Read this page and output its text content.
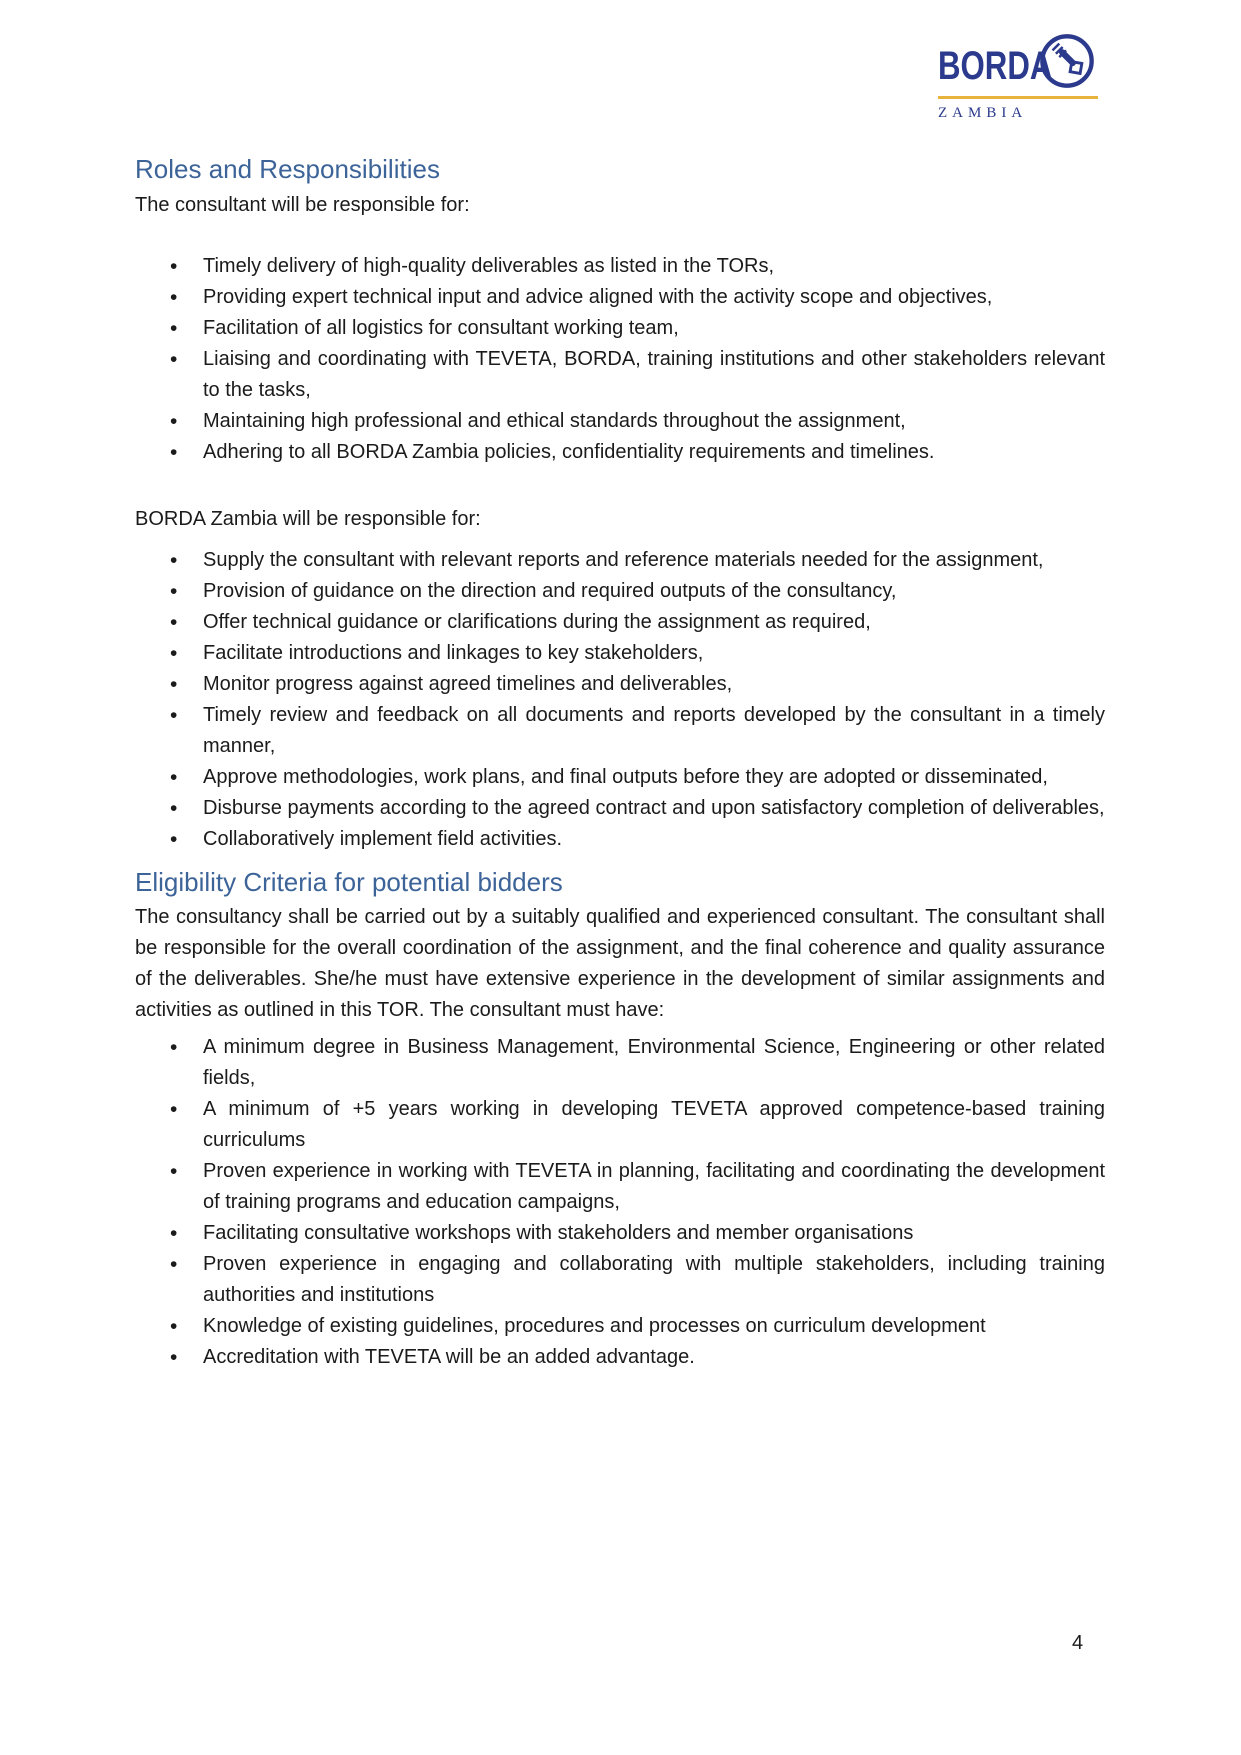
BORDA
ZAMBIA
Roles and Responsibilities

The consultant will be responsible for:

• Timely delivery of high-quality deliverables as listed in the TORs,
• Providing expert technical input and advice aligned with the activity scope and objectives,
• Facilitation of all logistics for consultant working team,
• Liaising and coordinating with TEVETA, BORDA, training institutions and other stakeholders relevant to the tasks,
• Maintaining high professional and ethical standards throughout the assignment,
• Adhering to all BORDA Zambia policies, confidentiality requirements and timelines.

BORDA Zambia will be responsible for:

• Supply the consultant with relevant reports and reference materials needed for the assignment,
• Provision of guidance on the direction and required outputs of the consultancy,
• Offer technical guidance or clarifications during the assignment as required,
• Facilitate introductions and linkages to key stakeholders,
• Monitor progress against agreed timelines and deliverables,
• Timely review and feedback on all documents and reports developed by the consultant in a timely manner,
• Approve methodologies, work plans, and final outputs before they are adopted or disseminated,
• Disburse payments according to the agreed contract and upon satisfactory completion of deliverables,
• Collaboratively implement field activities.
Eligibility Criteria for potential bidders

The consultancy shall be carried out by a suitably qualified and experienced consultant. The consultant shall be responsible for the overall coordination of the assignment, and the final coherence and quality assurance of the deliverables. She/he must have extensive experience in the development of similar assignments and activities as outlined in this TOR. The consultant must have:

• A minimum degree in Business Management, Environmental Science, Engineering or other related fields,
• A minimum of +5 years working in developing TEVETA approved competence-based training curriculums
• Proven experience in working with TEVETA in planning, facilitating and coordinating the development of training programs and education campaigns,
• Facilitating consultative workshops with stakeholders and member organisations
• Proven experience in engaging and collaborating with multiple stakeholders, including training authorities and institutions
• Knowledge of existing guidelines, procedures and processes on curriculum development
• Accreditation with TEVETA will be an added advantage.
4
